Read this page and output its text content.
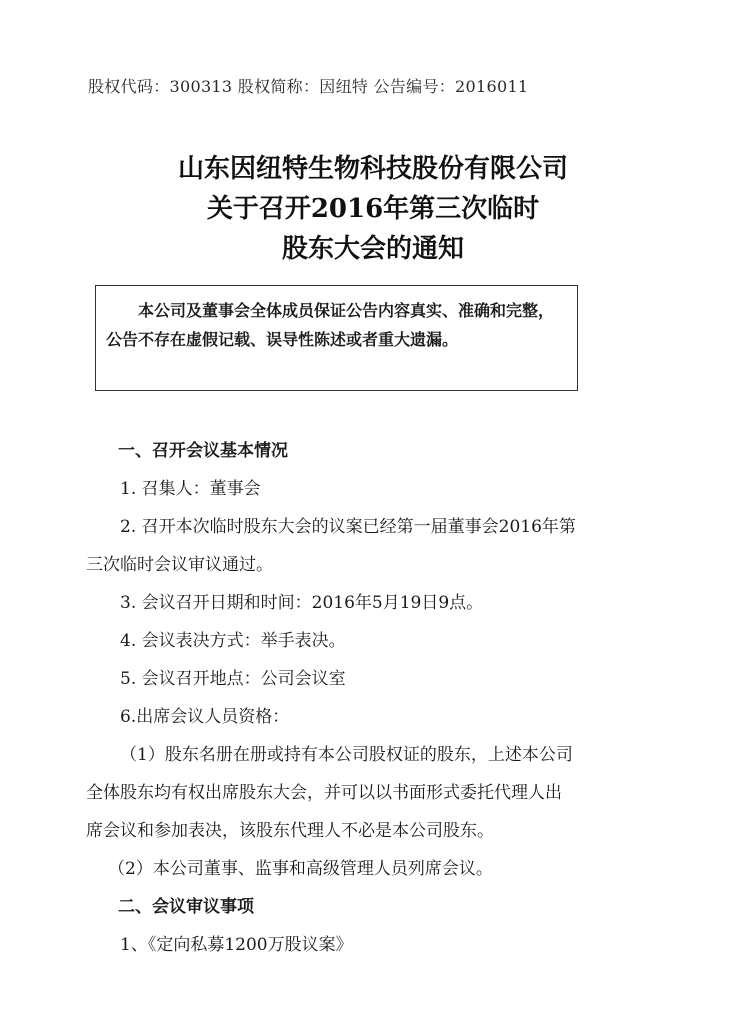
股权代码：300313 股权简称：因纽特 公告编号：2016011
山东因纽特生物科技股份有限公司
关于召开2016年第三次临时
股东大会的通知
本公司及董事会全体成员保证公告内容真实、准确和完整，公告不存在虚假记载、误导性陈述或者重大遗漏。
一、召开会议基本情况
1. 召集人：董事会
2. 召开本次临时股东大会的议案已经第一届董事会2016年第
三次临时会议审议通过。
3. 会议召开日期和时间：2016年5月19日9点。
4. 会议表决方式：举手表决。
5. 会议召开地点：公司会议室
6.出席会议人员资格：
（1）股东名册在册或持有本公司股权证的股东，上述本公司
全体股东均有权出席股东大会，并可以以书面形式委托代理人出
席会议和参加表决，该股东代理人不必是本公司股东。
（2）本公司董事、监事和高级管理人员列席会议。
二、会议审议事项
1、《定向私募1200万股议案》
